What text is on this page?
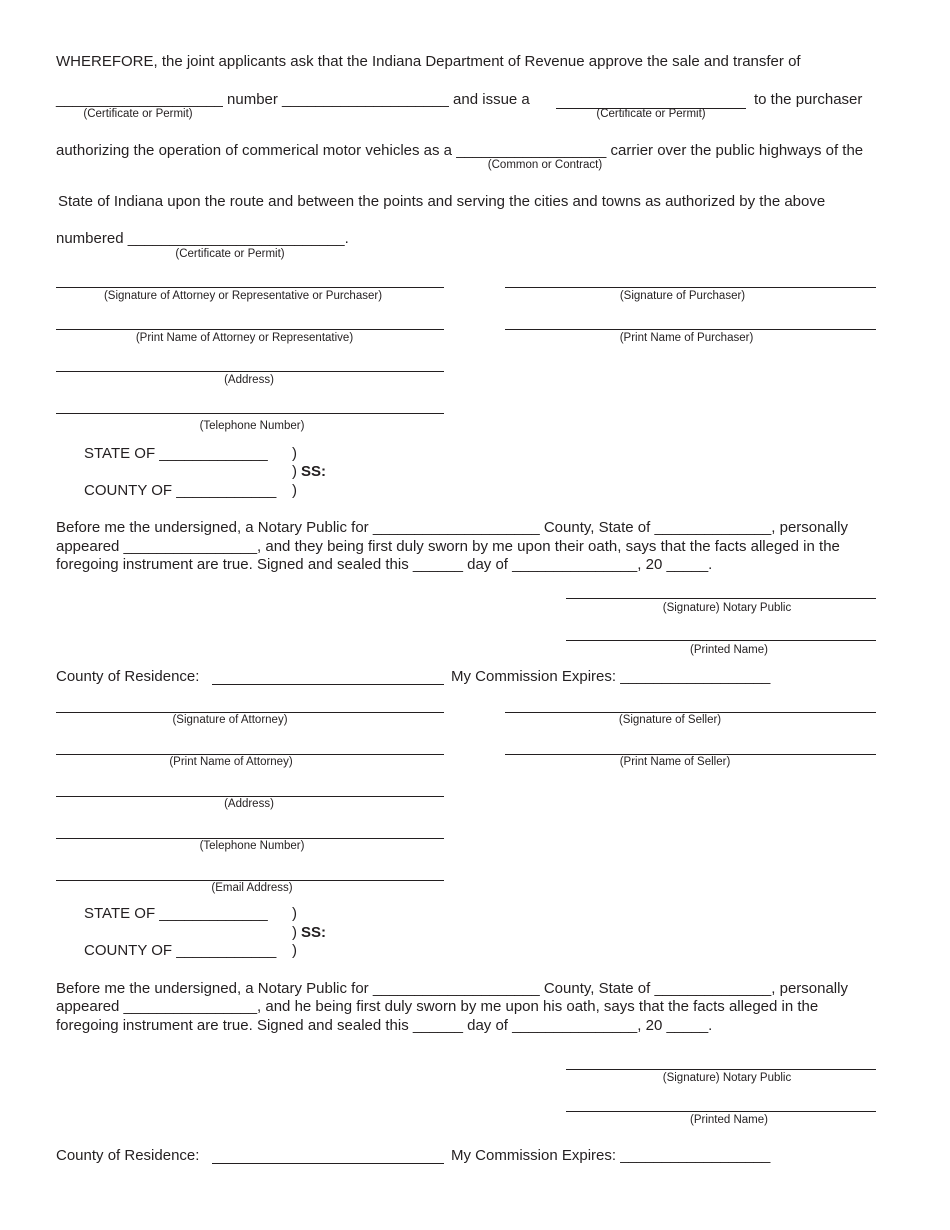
WHEREFORE, the joint applicants ask that the Indiana Department of Revenue approve the sale and transfer of
____________________ number ____________________ and issue a	to the purchaser
(Certificate or Permit)	(Certificate or Permit)
authorizing the operation of commerical motor vehicles as a __________________ carrier over the public highways of the
(Common or Contract)
State of Indiana upon the route and between the points and serving the cities and towns as authorized by the above
numbered __________________________.
(Certificate or Permit)
(Signature of Attorney or Representative or Purchaser)	(Signature of Purchaser)
(Print Name of Attorney or Representative)	(Print Name of Purchaser)
(Address)
(Telephone Number)
STATE OF _____________ )
) SS:
COUNTY OF ____________ )
Before me the undersigned, a Notary Public for ____________________ County, State of ______________, personally
appeared ________________, and they being first duly sworn by me upon their oath, says that the facts alleged in the
foregoing instrument are true. Signed and sealed this ______ day of _______________, 20 _____.
(Signature) Notary Public
(Printed Name)
County of Residence:	My Commission Expires: __________________
(Signature of Attorney)	(Signature of Seller)
(Print Name of Attorney)	(Print Name of Seller)
(Address)
(Telephone Number)
(Email Address)
STATE OF _____________ )
) SS:
COUNTY OF ____________ )
Before me the undersigned, a Notary Public for ____________________ County, State of ______________, personally
appeared ________________, and he being first duly sworn by me upon his oath, says that the facts alleged in the
foregoing instrument are true. Signed and sealed this ______ day of _______________, 20 _____.
(Signature) Notary Public
(Printed Name)
County of Residence:	My Commission Expires: __________________
